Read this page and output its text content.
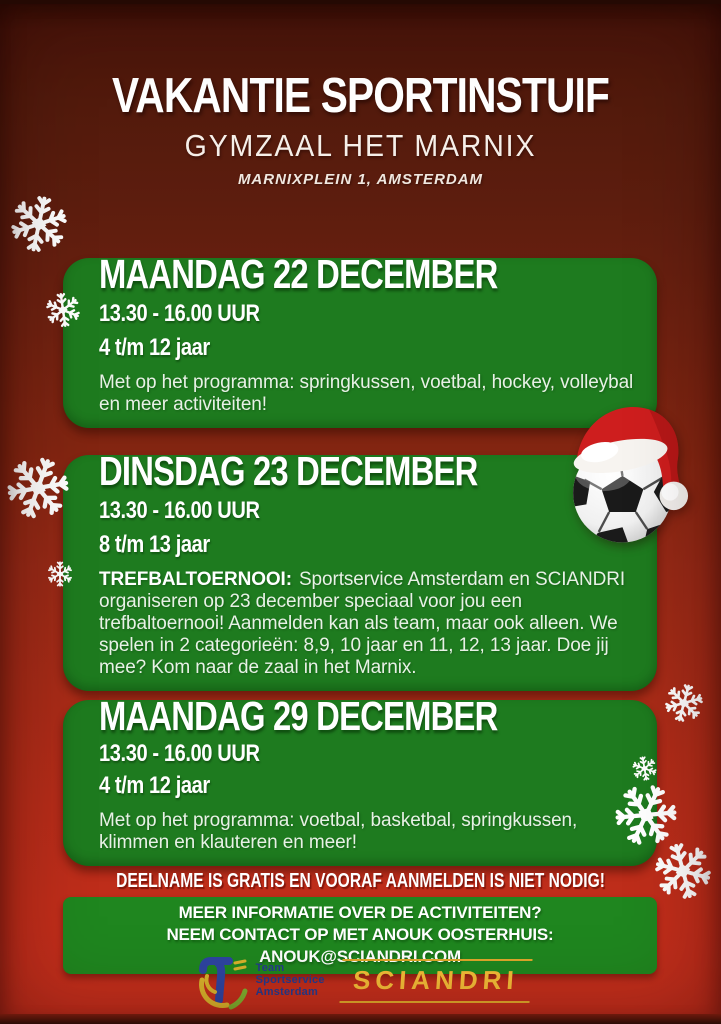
VAKANTIE SPORTINSTUIF
GYMZAAL HET MARNIX
MARNIXPLEIN 1, AMSTERDAM
MAANDAG 22 DECEMBER
13.30 - 16.00 UUR
4 t/m 12 jaar

Met op het programma: springkussen, voetbal, hockey, volleybal en meer activiteiten!

DINSDAG 23 DECEMBER
13.30 - 16.00 UUR
8 t/m 13 jaar

TREFBALTOERNOOI: Sportservice Amsterdam en SCIANDRI organiseren op 23 december speciaal voor jou een trefbaltoernooi! Aanmelden kan als team, maar ook alleen. We spelen in 2 categorieën: 8,9, 10 jaar en 11, 12, 13 jaar. Doe jij mee? Kom naar de zaal in het Marnix.

MAANDAG 29 DECEMBER
13.30 - 16.00 UUR
4 t/m 12 jaar

Met op het programma: voetbal, basketbal, springkussen, klimmen en klauteren en meer!

DEELNAME IS GRATIS EN VOORAF AANMELDEN IS NIET NODIG!
MEER INFORMATIE OVER DE ACTIVITEITEN?
NEEM CONTACT OP MET ANOUK OOSTERHUIS: ANOUK@SCIANDRI.COM
Team
Sportservice
Amsterdam	SCIANDRI
